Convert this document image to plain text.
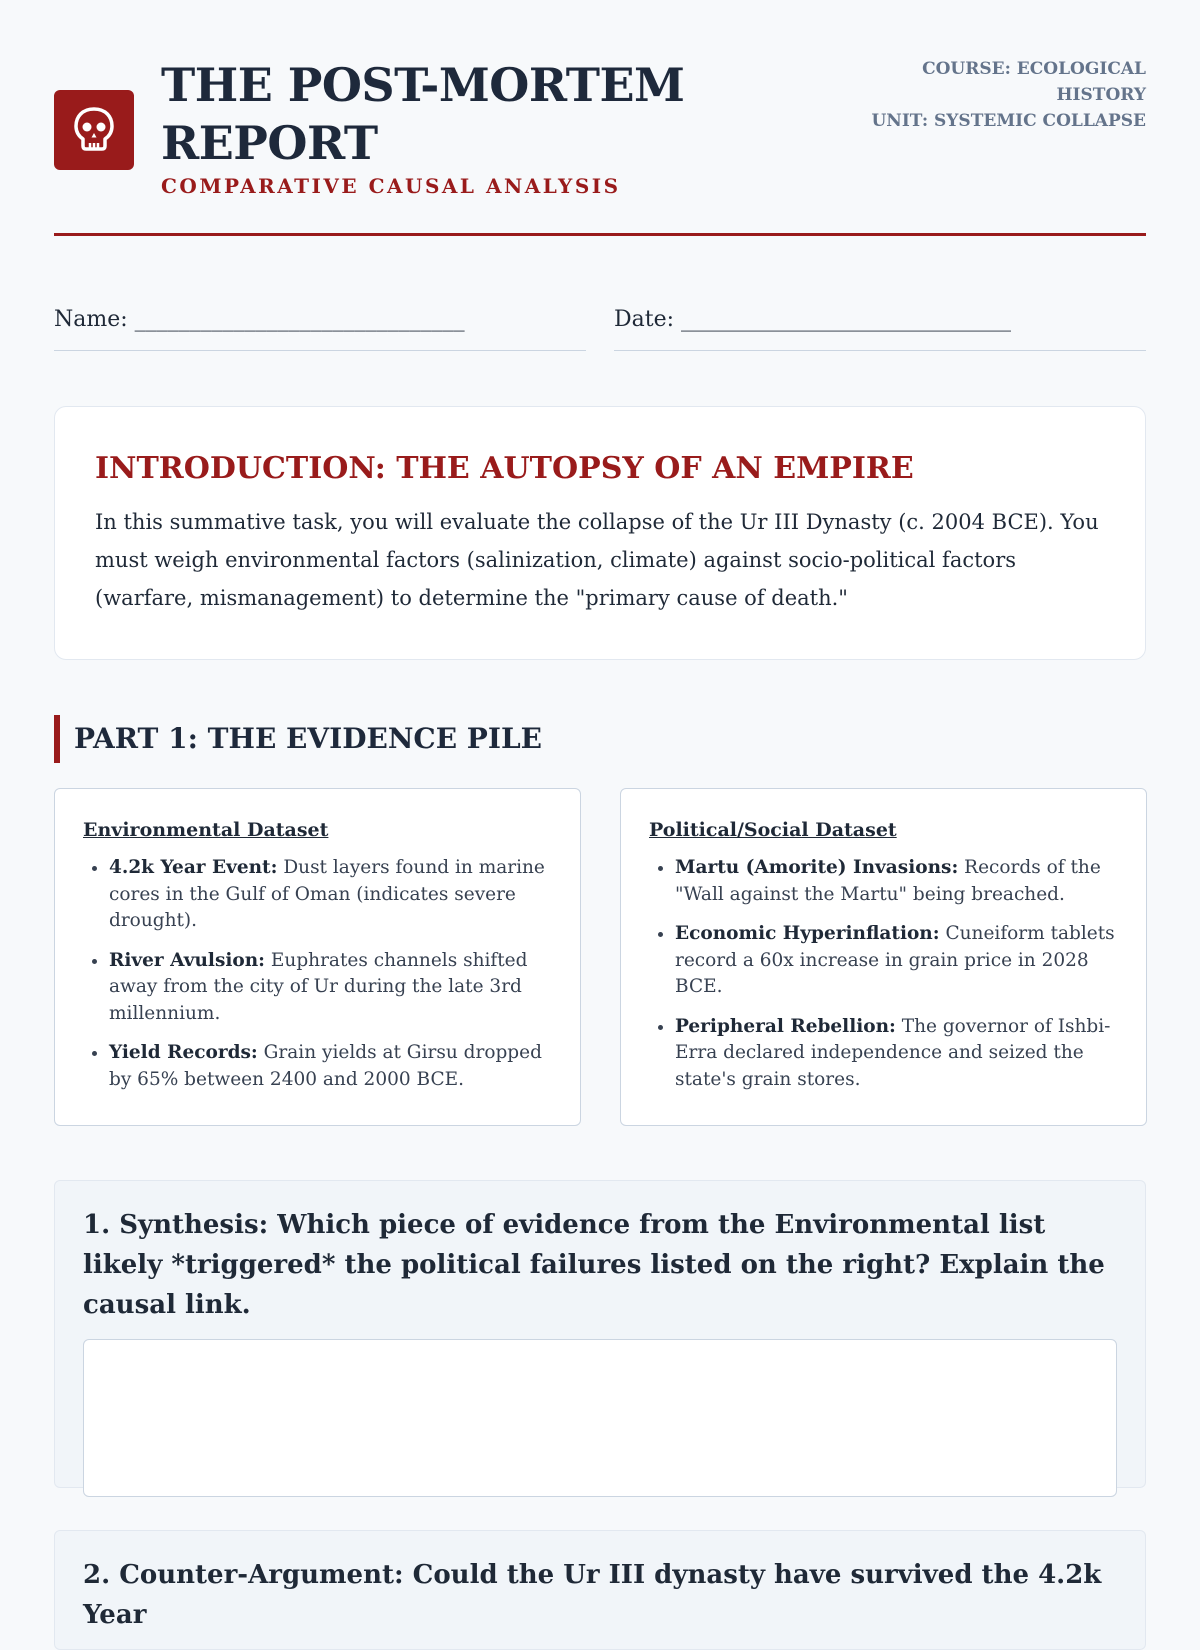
THE POST-MORTEM REPORT
COMPARATIVE CAUSAL ANALYSIS
COURSE: ECOLOGICAL HISTORY
UNIT: SYSTEMIC COLLAPSE
Name: ______________________________	Date: ______________________________
INTRODUCTION: THE AUTOPSY OF AN EMPIRE

In this summative task, you will evaluate the collapse of the Ur III Dynasty (c. 2004 BCE). You must weigh environmental factors (salinization, climate) against socio-political factors (warfare, mismanagement) to determine the "primary cause of death."

PART 1: THE EVIDENCE PILE
Environmental Dataset
• 4.2k Year Event: Dust layers found in marine cores in the Gulf of Oman (indicates severe drought).
• River Avulsion: Euphrates channels shifted away from the city of Ur during the late 3rd millennium.
• Yield Records: Grain yields at Girsu dropped by 65% between 2400 and 2000 BCE.
Political/Social Dataset
• Martu (Amorite) Invasions: Records of the "Wall against the Martu" being breached.
• Economic Hyperinflation: Cuneiform tablets record a 60x increase in grain price in 2028 BCE.
• Peripheral Rebellion: The governor of Ishbi-Erra declared independence and seized the state's grain stores.

1. Synthesis: Which piece of evidence from the Environmental list likely *triggered* the political failures listed on the right? Explain the causal link.

2. Counter-Argument: Could the Ur III dynasty have survived the 4.2k Year
